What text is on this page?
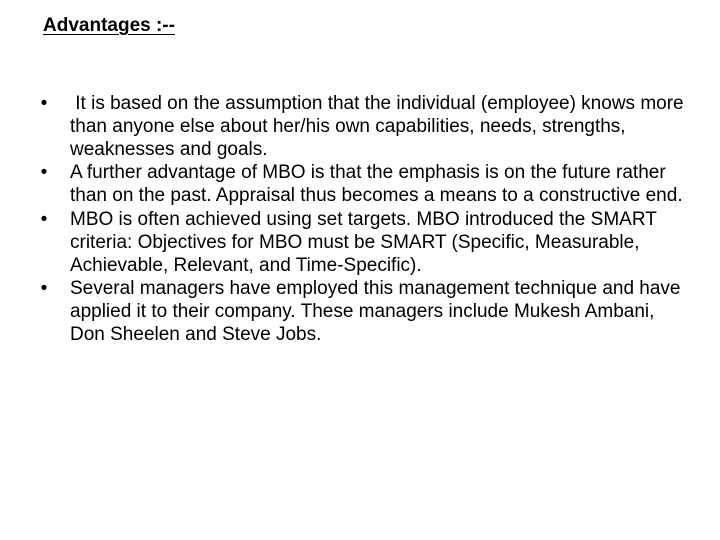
Advantages :--
•	It is based on the assumption that the individual (employee) knows more than anyone else about her/his own capabilities, needs, strengths, weaknesses and goals.
•	A further advantage of MBO is that the emphasis is on the future rather than on the past. Appraisal thus becomes a means to a constructive end.
•	MBO is often achieved using set targets. MBO introduced the SMART criteria: Objectives for MBO must be SMART (Specific, Measurable, Achievable, Relevant, and Time-Specific).
•	Several managers have employed this management technique and have applied it to their company. These managers include Mukesh Ambani, Don Sheelen and Steve Jobs.
